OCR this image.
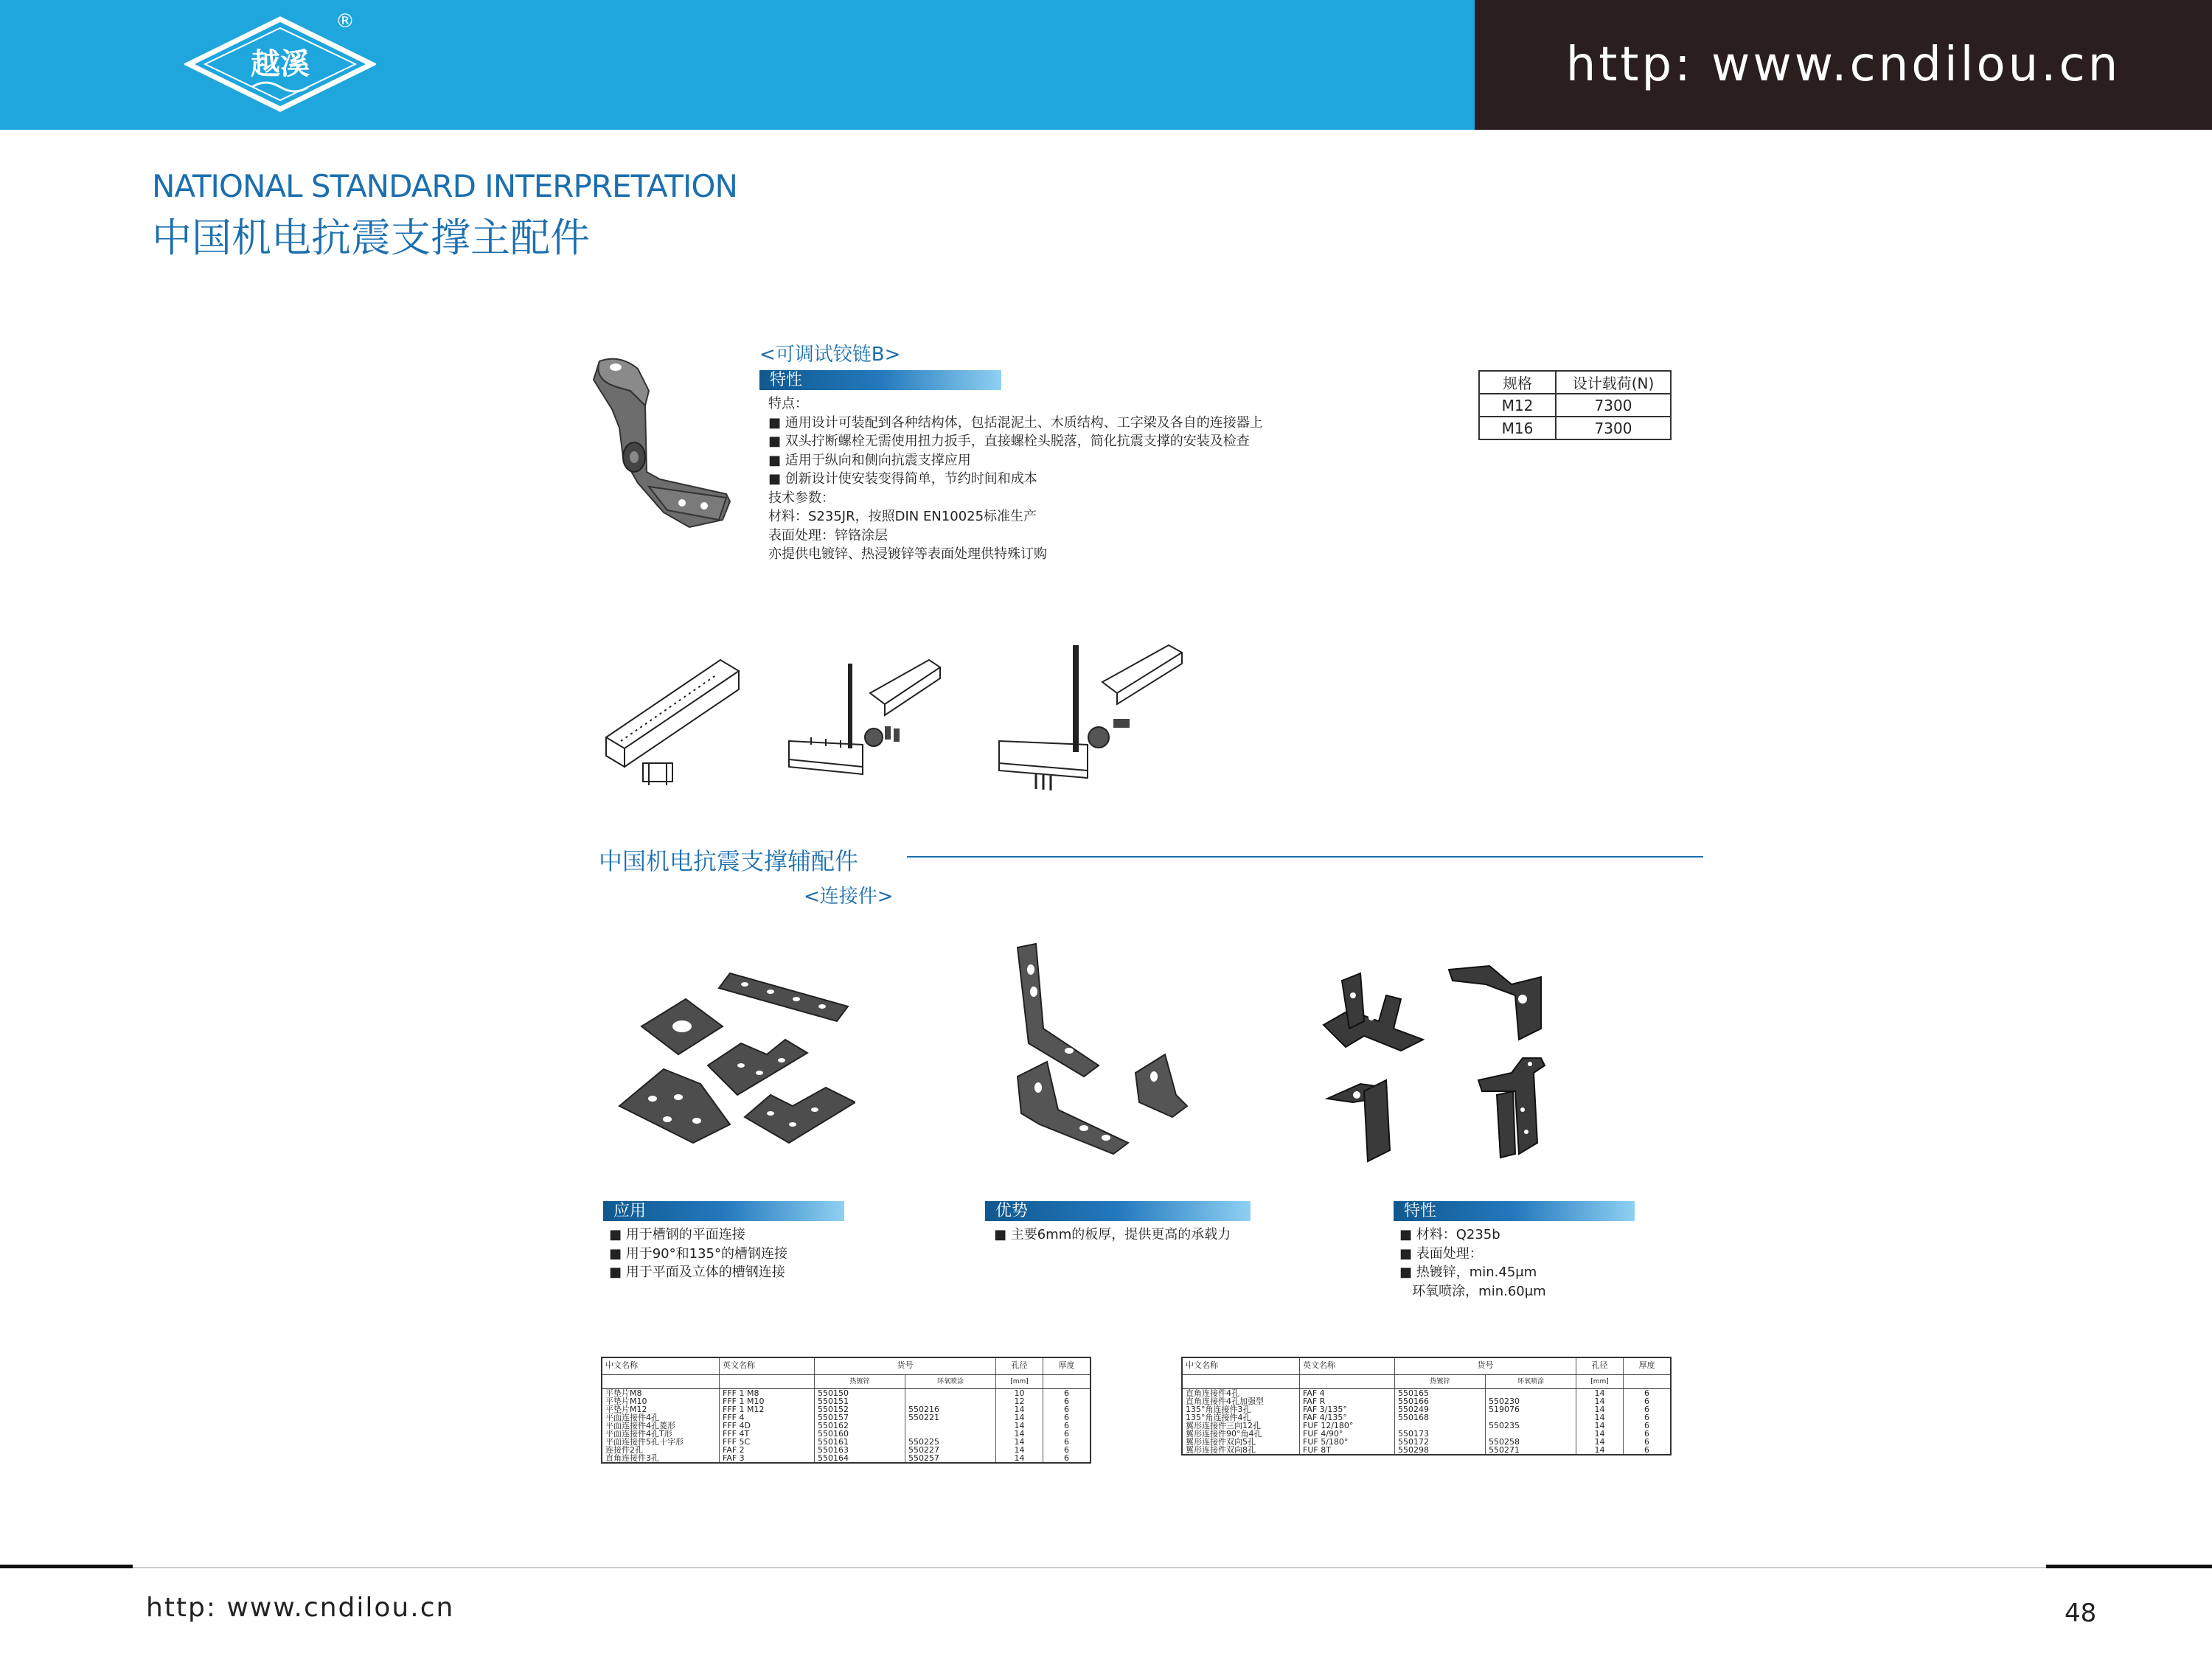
越溪
®
http: www.cndilou.cn
NATIONAL STANDARD INTERPRETATION
中国机电抗震支撑主配件
<可调试铰链B>
特性
特点：
■ 通用设计可装配到各种结构体，包括混泥土、木质结构、工字梁及各自的连接器上
■ 双头拧断螺栓无需使用扭力扳手，直接螺栓头脱落，简化抗震支撑的安装及检查
■ 适用于纵向和侧向抗震支撑应用
■ 创新设计使安装变得简单，节约时间和成本
技术参数：
材料：S235JR，按照DIN EN10025标准生产
表面处理：锌铬涂层
亦提供电镀锌、热浸镀锌等表面处理供特殊订购
规格	设计载荷(N)
M12	7300
M16	7300
中国机电抗震支撑辅配件
<连接件>
应用
■ 用于槽钢的平面连接
■ 用于90°和135°的槽钢连接
■ 用于平面及立体的槽钢连接
优势
■ 主要6mm的板厚，提供更高的承载力
特性
■ 材料：Q235b
■ 表面处理：
■ 热镀锌，min.45μm
环氧喷涂，min.60μm
中文名称	英文名称	货号		孔径	厚度
		热镀锌	环氧喷涂	[mm]	
平垫片M8	FFF 1 M8	550150		10	6
平垫片M10	FFF 1 M10	550151		12	6
平垫片M12	FFF 1 M12	550152	550216	14	6
平面连接件4孔	FFF 4	550157	550221	14	6
平面连接件4孔菱形	FFF 4D	550162		14	6
平面连接件4孔T形	FFF 4T	550160		14	6
平面连接件5孔十字形	FFF 5C	550161	550225	14	6
连接件2孔	FAF 2	550163	550227	14	6
直角连接件3孔	FAF 3	550164	550257	14	6
中文名称	英文名称	货号		孔径	厚度
		热镀锌	环氧喷涂	[mm]	
直角连接件4孔	FAF 4	550165		14	6
直角连接件4孔加强型	FAF R	550166	550230	14	6
135°角连接件3孔	FAF 3/135°	550249	519076	14	6
135°角连接件4孔	FAF 4/135°	550168		14	6
翼形连接件三向12孔	FUF 12/180°		550235	14	6
翼形连接件90°角4孔	FUF 4/90°	550173		14	6
翼形连接件双向5孔	FUF 5/180°	550172	550258	14	6
翼形连接件双向8孔	FUF 8T	550298	550271	14	6
http: www.cndilou.cn	48
